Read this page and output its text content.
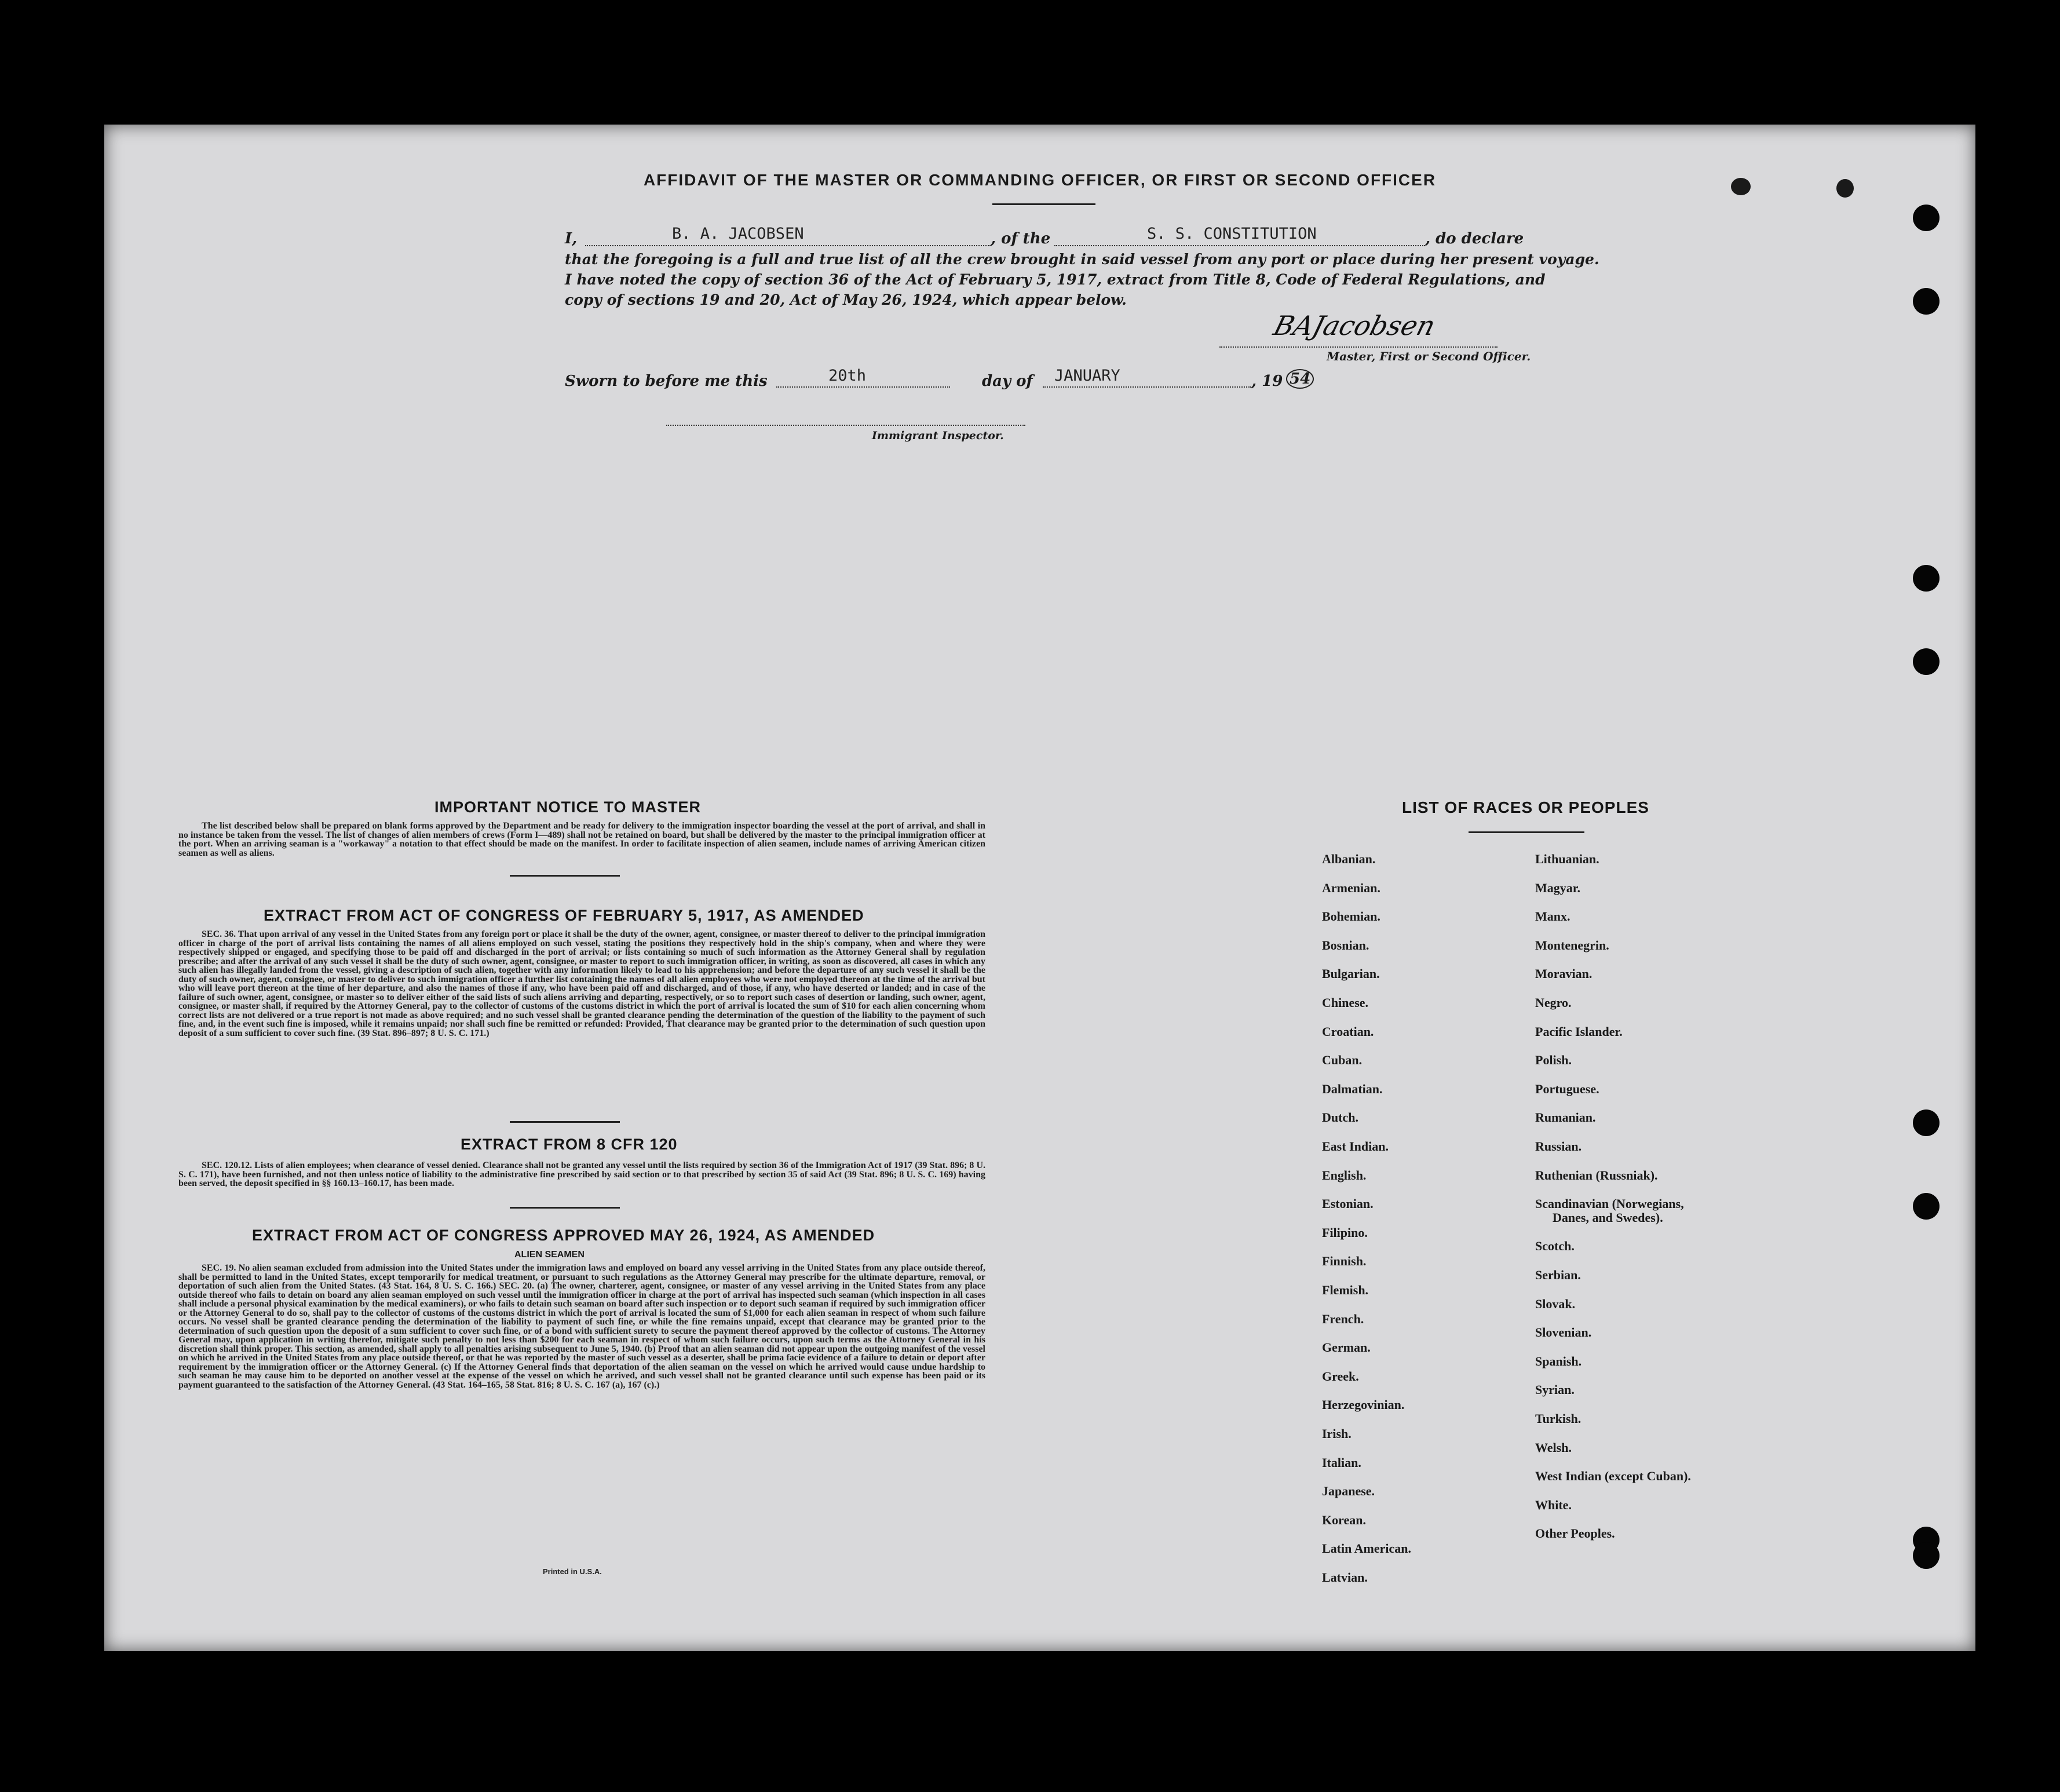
AFFIDAVIT OF THE MASTER OR COMMANDING OFFICER, OR FIRST OR SECOND OFFICER
I,	B. A. JACOBSEN	, of the	S. S. CONSTITUTION	, do declare
that the foregoing is a full and true list of all the crew brought in said vessel from any port or place during her present voyage.
I have noted the copy of section 36 of the Act of February 5, 1917, extract from Title 8, Code of Federal Regulations, and
copy of sections 19 and 20, Act of May 26, 1924, which appear below.
BAJacobsen
Master, First or Second Officer.
Sworn to before me this	20th	day of JANUARY	, 19 54
Immigrant Inspector.
IMPORTANT NOTICE TO MASTER
The list described below shall be prepared on blank forms approved by the Department and be ready for delivery to the immigration inspector boarding the vessel at the port of arrival, and shall in no instance be taken from the vessel. The list of changes of alien members of crews (Form I—489) shall not be retained on board, but shall be delivered by the master to the principal immigration officer at the port. When an arriving seaman is a "workaway" a notation to that effect should be made on the manifest. In order to facilitate inspection of alien seamen, include names of arriving American citizen seamen as well as aliens.
EXTRACT FROM ACT OF CONGRESS OF FEBRUARY 5, 1917, AS AMENDED
SEC. 36. That upon arrival of any vessel in the United States from any foreign port or place it shall be the duty of the owner, agent, consignee, or master thereof to deliver to the principal immigration officer in charge of the port of arrival lists containing the names of all aliens employed on such vessel, stating the positions they respectively hold in the ship's company, when and where they were respectively shipped or engaged, and specifying those to be paid off and discharged in the port of arrival; or lists containing so much of such information as the Attorney General shall by regulation prescribe; and after the arrival of any such vessel it shall be the duty of such owner, agent, consignee, or master to report to such immigration officer, in writing, as soon as discovered, all cases in which any such alien has illegally landed from the vessel, giving a description of such alien, together with any information likely to lead to his apprehension; and before the departure of any such vessel it shall be the duty of such owner, agent, consignee, or master to deliver to such immigration officer a further list containing the names of all alien employees who were not employed thereon at the time of the arrival but who will leave port thereon at the time of her departure, and also the names of those if any, who have been paid off and discharged, and of those, if any, who have deserted or landed; and in case of the failure of such owner, agent, consignee, or master so to deliver either of the said lists of such aliens arriving and departing, respectively, or so to report such cases of desertion or landing, such owner, agent, consignee, or master shall, if required by the Attorney General, pay to the collector of customs of the customs district in which the port of arrival is located the sum of $10 for each alien concerning whom correct lists are not delivered or a true report is not made as above required; and no such vessel shall be granted clearance pending the determination of the question of the liability to the payment of such fine, and, in the event such fine is imposed, while it remains unpaid; nor shall such fine be remitted or refunded: Provided, That clearance may be granted prior to the determination of such question upon deposit of a sum sufficient to cover such fine. (39 Stat. 896–897; 8 U. S. C. 171.)
EXTRACT FROM 8 CFR 120
SEC. 120.12. Lists of alien employees; when clearance of vessel denied. Clearance shall not be granted any vessel until the lists required by section 36 of the Immigration Act of 1917 (39 Stat. 896; 8 U. S. C. 171), have been furnished, and not then unless notice of liability to the administrative fine prescribed by said section or to that prescribed by section 35 of said Act (39 Stat. 896; 8 U. S. C. 169) having been served, the deposit specified in §§ 160.13–160.17, has been made.
EXTRACT FROM ACT OF CONGRESS APPROVED MAY 26, 1924, AS AMENDED
ALIEN SEAMEN
SEC. 19. No alien seaman excluded from admission into the United States under the immigration laws and employed on board any vessel arriving in the United States from any place outside thereof, shall be permitted to land in the United States, except temporarily for medical treatment, or pursuant to such regulations as the Attorney General may prescribe for the ultimate departure, removal, or deportation of such alien from the United States. (43 Stat. 164, 8 U. S. C. 166.) SEC. 20. (a) The owner, charterer, agent, consignee, or master of any vessel arriving in the United States from any place outside thereof who fails to detain on board any alien seaman employed on such vessel until the immigration officer in charge at the port of arrival has inspected such seaman (which inspection in all cases shall include a personal physical examination by the medical examiners), or who fails to detain such seaman on board after such inspection or to deport such seaman if required by such immigration officer or the Attorney General to do so, shall pay to the collector of customs of the customs district in which the port of arrival is located the sum of $1,000 for each alien seaman in respect of whom such failure occurs. No vessel shall be granted clearance pending the determination of the liability to payment of such fine, or while the fine remains unpaid, except that clearance may be granted prior to the determination of such question upon the deposit of a sum sufficient to cover such fine, or of a bond with sufficient surety to secure the payment thereof approved by the collector of customs. The Attorney General may, upon application in writing therefor, mitigate such penalty to not less than $200 for each seaman in respect of whom such failure occurs, upon such terms as the Attorney General in his discretion shall think proper. This section, as amended, shall apply to all penalties arising subsequent to June 5, 1940. (b) Proof that an alien seaman did not appear upon the outgoing manifest of the vessel on which he arrived in the United States from any place outside thereof, or that he was reported by the master of such vessel as a deserter, shall be prima facie evidence of a failure to detain or deport after requirement by the immigration officer or the Attorney General. (c) If the Attorney General finds that deportation of the alien seaman on the vessel on which he arrived would cause undue hardship to such seaman he may cause him to be deported on another vessel at the expense of the vessel on which he arrived, and such vessel shall not be granted clearance until such expense has been paid or its payment guaranteed to the satisfaction of the Attorney General. (43 Stat. 164–165, 58 Stat. 816; 8 U. S. C. 167 (a), 167 (c).)
Printed in U.S.A.
LIST OF RACES OR PEOPLES
Albanian.
Armenian.
Bohemian.
Bosnian.
Bulgarian.
Chinese.
Croatian.
Cuban.
Dalmatian.
Dutch.
East Indian.
English.
Estonian.
Filipino.
Finnish.
Flemish.
French.
German.
Greek.
Herzegovinian.
Irish.
Italian.
Japanese.
Korean.
Latin American.
Latvian.
Lithuanian.
Magyar.
Manx.
Montenegrin.
Moravian.
Negro.
Pacific Islander.
Polish.
Portuguese.
Rumanian.
Russian.
Ruthenian (Russniak).
Scandinavian (Norwegians,
Danes, and Swedes).
Scotch.
Serbian.
Slovak.
Slovenian.
Spanish.
Syrian.
Turkish.
Welsh.
West Indian (except Cuban).
White.
Other Peoples.
